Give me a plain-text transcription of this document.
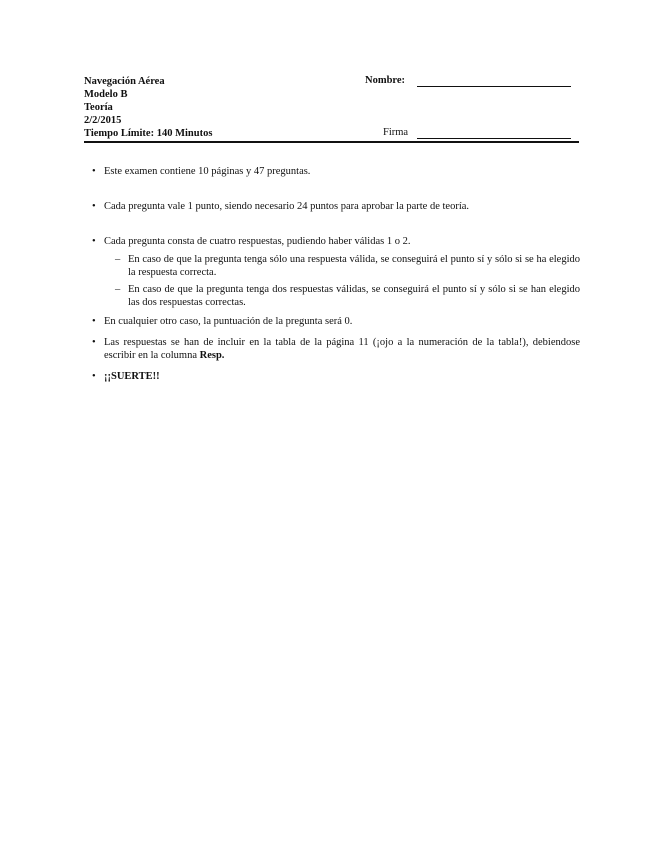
Navegación Aérea
Modelo B
Teoría
2/2/2015
Tiempo Límite: 140 Minutos
Nombre:
Firma
• Este examen contiene 10 páginas y 47 preguntas.
• Cada pregunta vale 1 punto, siendo necesario 24 puntos para aprobar la parte de teoría.
• Cada pregunta consta de cuatro respuestas, pudiendo haber válidas 1 o 2.
– En caso de que la pregunta tenga sólo una respuesta válida, se conseguirá el punto sí y sólo si se ha elegido la respuesta correcta.
– En caso de que la pregunta tenga dos respuestas válidas, se conseguirá el punto sí y sólo si se han elegido las dos respuestas correctas.
• En cualquier otro caso, la puntuación de la pregunta será 0.
• Las respuestas se han de incluir en la tabla de la página 11 (¡ojo a la numeración de la tabla!), debiendose escribir en la columna Resp.
• ¡¡SUERTE!!
